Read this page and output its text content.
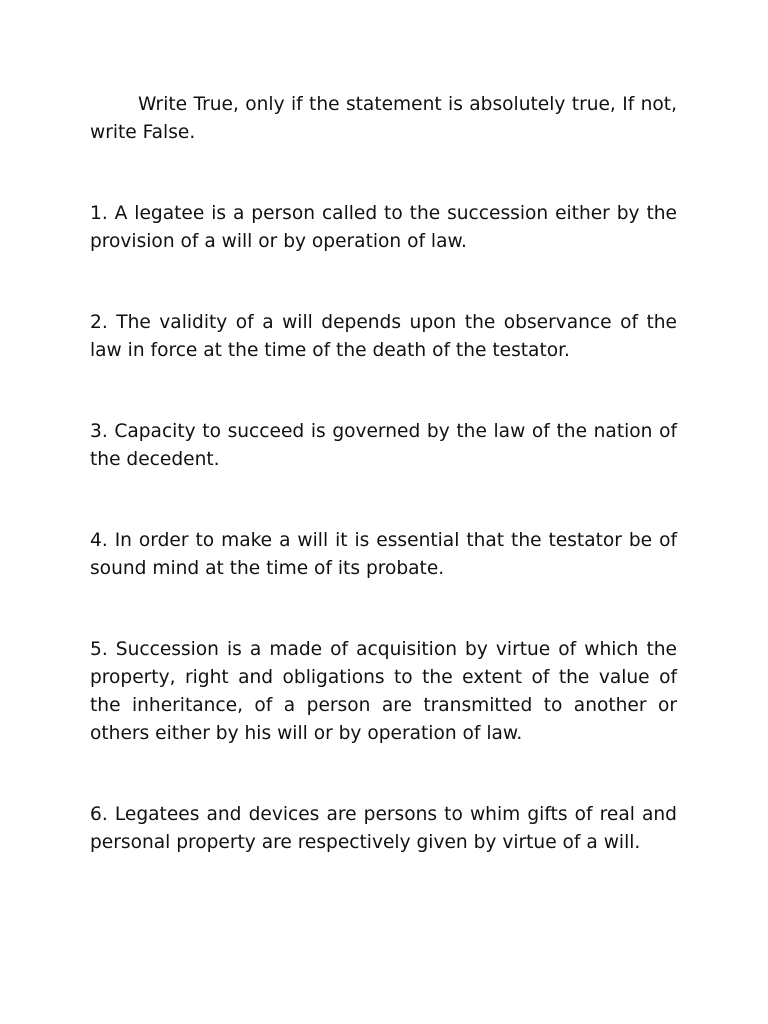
Write True, only if the statement is absolutely true, If not, write False.

1. A legatee is a person called to the succession either by the provision of a will or by operation of law.

2. The validity of a will depends upon the observance of the law in force at the time of the death of the testator.

3. Capacity to succeed is governed by the law of the nation of the decedent.

4. In order to make a will it is essential that the testator be of sound mind at the time of its probate.

5. Succession is a made of acquisition by virtue of which the property, right and obligations to the extent of the value of the inheritance, of a person are transmitted to another or others either by his will or by operation of law.

6. Legatees and devices are persons to whim gifts of real and personal property are respectively given by virtue of a will.
